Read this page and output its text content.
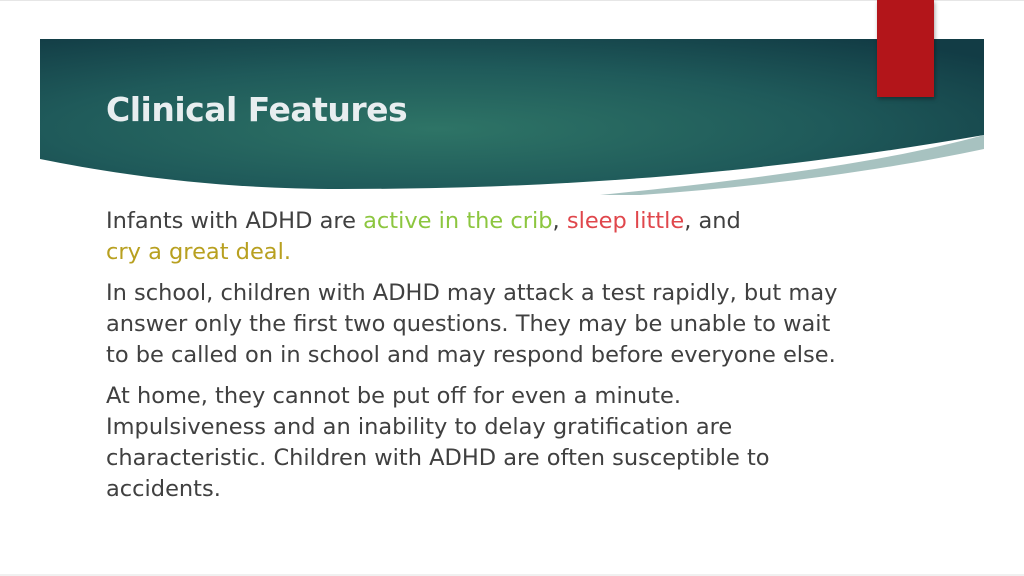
Clinical Features

Infants with ADHD are active in the crib, sleep little, and
cry a great deal.

In school, children with ADHD may attack a test rapidly, but may answer only the first two questions. They may be unable to wait to be called on in school and may respond before everyone else.

At home, they cannot be put off for even a minute. Impulsiveness and an inability to delay gratification are characteristic. Children with ADHD are often susceptible to accidents.
